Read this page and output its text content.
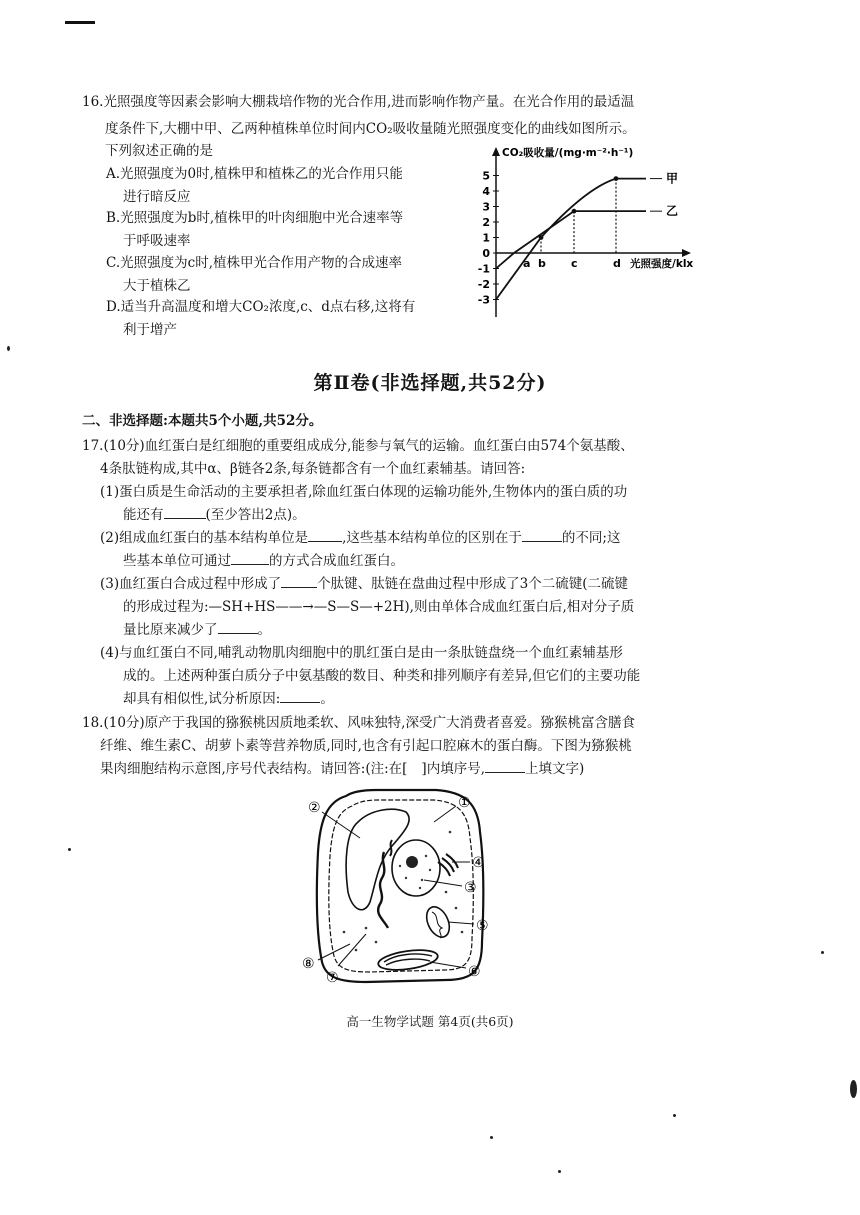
16.光照强度等因素会影响大棚栽培作物的光合作用,进而影响作物产量。在光合作用的最适温
度条件下,大棚中甲、乙两种植株单位时间内CO₂吸收量随光照强度变化的曲线如图所示。
下列叙述正确的是
A.光照强度为0时,植株甲和植株乙的光合作用只能
进行暗反应
B.光照强度为b时,植株甲的叶肉细胞中光合速率等
于呼吸速率
C.光照强度为c时,植株甲光合作用产物的合成速率
大于植株乙
D.适当升高温度和增大CO₂浓度,c、d点右移,这将有
利于增产
CO₂吸收量/(mg·m⁻²·h⁻¹)
光照强度/klx
5
4
3
2
1
0
-1
-2
-3
a b c	d
甲
乙
第Ⅱ卷(非选择题,共52分)
二、非选择题:本题共5个小题,共52分。
17.(10分)血红蛋白是红细胞的重要组成成分,能参与氧气的运输。血红蛋白由574个氨基酸、
4条肽链构成,其中α、β链各2条,每条链都含有一个血红素辅基。请回答:
(1)蛋白质是生命活动的主要承担者,除血红蛋白体现的运输功能外,生物体内的蛋白质的功
能还有	(至少答出2点)。
(2)组成血红蛋白的基本结构单位是	,这些基本结构单位的区别在于	的不同;这
些基本单位可通过	的方式合成血红蛋白。
(3)血红蛋白合成过程中形成了	个肽键、肽链在盘曲过程中形成了3个二硫键(二硫键
的形成过程为:—SH+HS——→—S—S—+2H),则由单体合成血红蛋白后,相对分子质
量比原来减少了	。
(4)与血红蛋白不同,哺乳动物肌肉细胞中的肌红蛋白是由一条肽链盘绕一个血红素辅基形
成的。上述两种蛋白质分子中氨基酸的数目、种类和排列顺序有差异,但它们的主要功能
却具有相似性,试分析原因:	。
18.(10分)原产于我国的猕猴桃因质地柔软、风味独特,深受广大消费者喜爱。猕猴桃富含膳食
纤维、维生素C、胡萝卜素等营养物质,同时,也含有引起口腔麻木的蛋白酶。下图为猕猴桃
果肉细胞结构示意图,序号代表结构。请回答:(注:在[ ]内填序号,	上填文字)
①
②
③
④
⑤
⑥
⑦
⑧
高一生物学试题 第4页(共6页)
